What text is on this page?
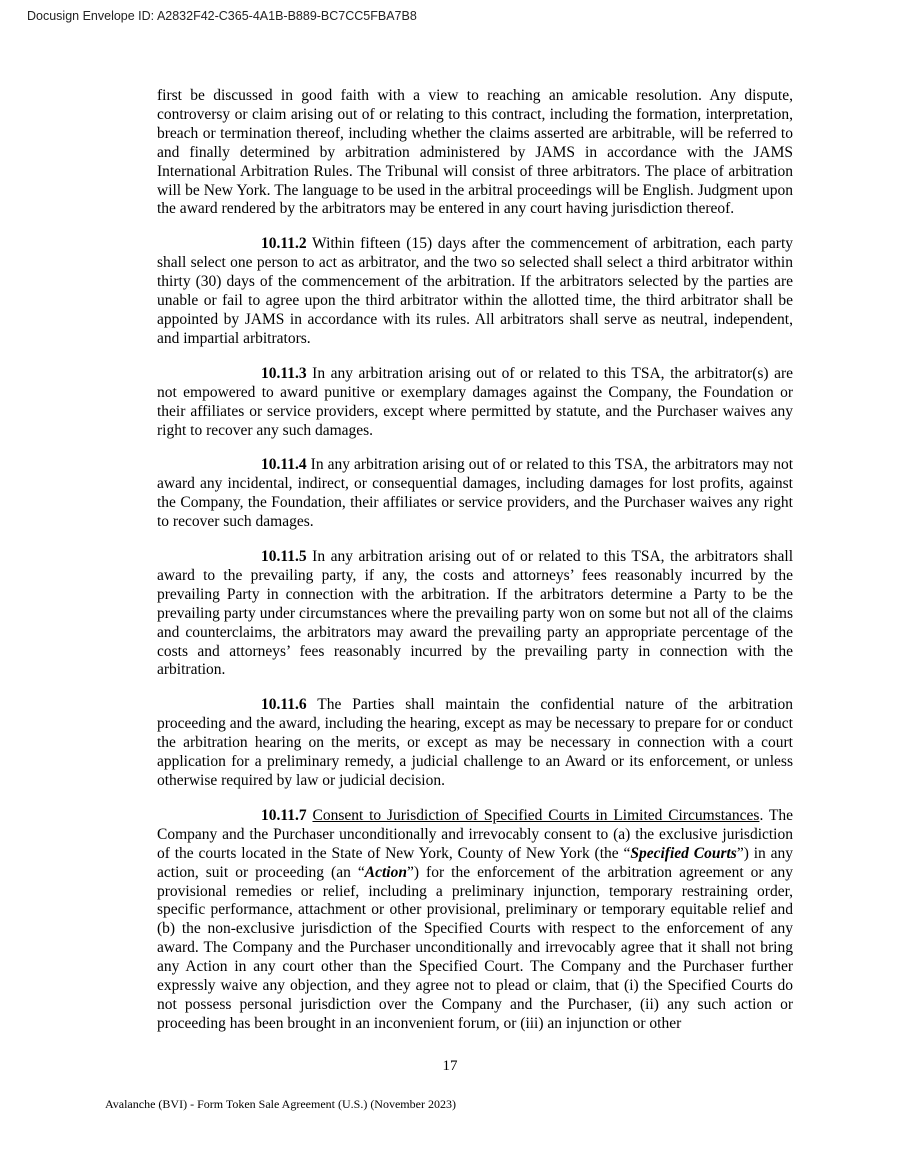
Docusign Envelope ID: A2832F42-C365-4A1B-B889-BC7CC5FBA7B8

first be discussed in good faith with a view to reaching an amicable resolution. Any dispute, controversy or claim arising out of or relating to this contract, including the formation, interpretation, breach or termination thereof, including whether the claims asserted are arbitrable, will be referred to and finally determined by arbitration administered by JAMS in accordance with the JAMS International Arbitration Rules. The Tribunal will consist of three arbitrators. The place of arbitration will be New York. The language to be used in the arbitral proceedings will be English. Judgment upon the award rendered by the arbitrators may be entered in any court having jurisdiction thereof.

10.11.2 Within fifteen (15) days after the commencement of arbitration, each party shall select one person to act as arbitrator, and the two so selected shall select a third arbitrator within thirty (30) days of the commencement of the arbitration. If the arbitrators selected by the parties are unable or fail to agree upon the third arbitrator within the allotted time, the third arbitrator shall be appointed by JAMS in accordance with its rules. All arbitrators shall serve as neutral, independent, and impartial arbitrators.

10.11.3 In any arbitration arising out of or related to this TSA, the arbitrator(s) are not empowered to award punitive or exemplary damages against the Company, the Foundation or their affiliates or service providers, except where permitted by statute, and the Purchaser waives any right to recover any such damages.

10.11.4 In any arbitration arising out of or related to this TSA, the arbitrators may not award any incidental, indirect, or consequential damages, including damages for lost profits, against the Company, the Foundation, their affiliates or service providers, and the Purchaser waives any right to recover such damages.

10.11.5 In any arbitration arising out of or related to this TSA, the arbitrators shall award to the prevailing party, if any, the costs and attorneys’ fees reasonably incurred by the prevailing Party in connection with the arbitration. If the arbitrators determine a Party to be the prevailing party under circumstances where the prevailing party won on some but not all of the claims and counterclaims, the arbitrators may award the prevailing party an appropriate percentage of the costs and attorneys’ fees reasonably incurred by the prevailing party in connection with the arbitration.

10.11.6 The Parties shall maintain the confidential nature of the arbitration proceeding and the award, including the hearing, except as may be necessary to prepare for or conduct the arbitration hearing on the merits, or except as may be necessary in connection with a court application for a preliminary remedy, a judicial challenge to an Award or its enforcement, or unless otherwise required by law or judicial decision.

10.11.7 Consent to Jurisdiction of Specified Courts in Limited Circumstances. The Company and the Purchaser unconditionally and irrevocably consent to (a) the exclusive jurisdiction of the courts located in the State of New York, County of New York (the “Specified Courts”) in any action, suit or proceeding (an “Action”) for the enforcement of the arbitration agreement or any provisional remedies or relief, including a preliminary injunction, temporary restraining order, specific performance, attachment or other provisional, preliminary or temporary equitable relief and (b) the non-exclusive jurisdiction of the Specified Courts with respect to the enforcement of any award. The Company and the Purchaser unconditionally and irrevocably agree that it shall not bring any Action in any court other than the Specified Court. The Company and the Purchaser further expressly waive any objection, and they agree not to plead or claim, that (i) the Specified Courts do not possess personal jurisdiction over the Company and the Purchaser, (ii) any such action or proceeding has been brought in an inconvenient forum, or (iii) an injunction or other

17
Avalanche (BVI) - Form Token Sale Agreement (U.S.) (November 2023)
